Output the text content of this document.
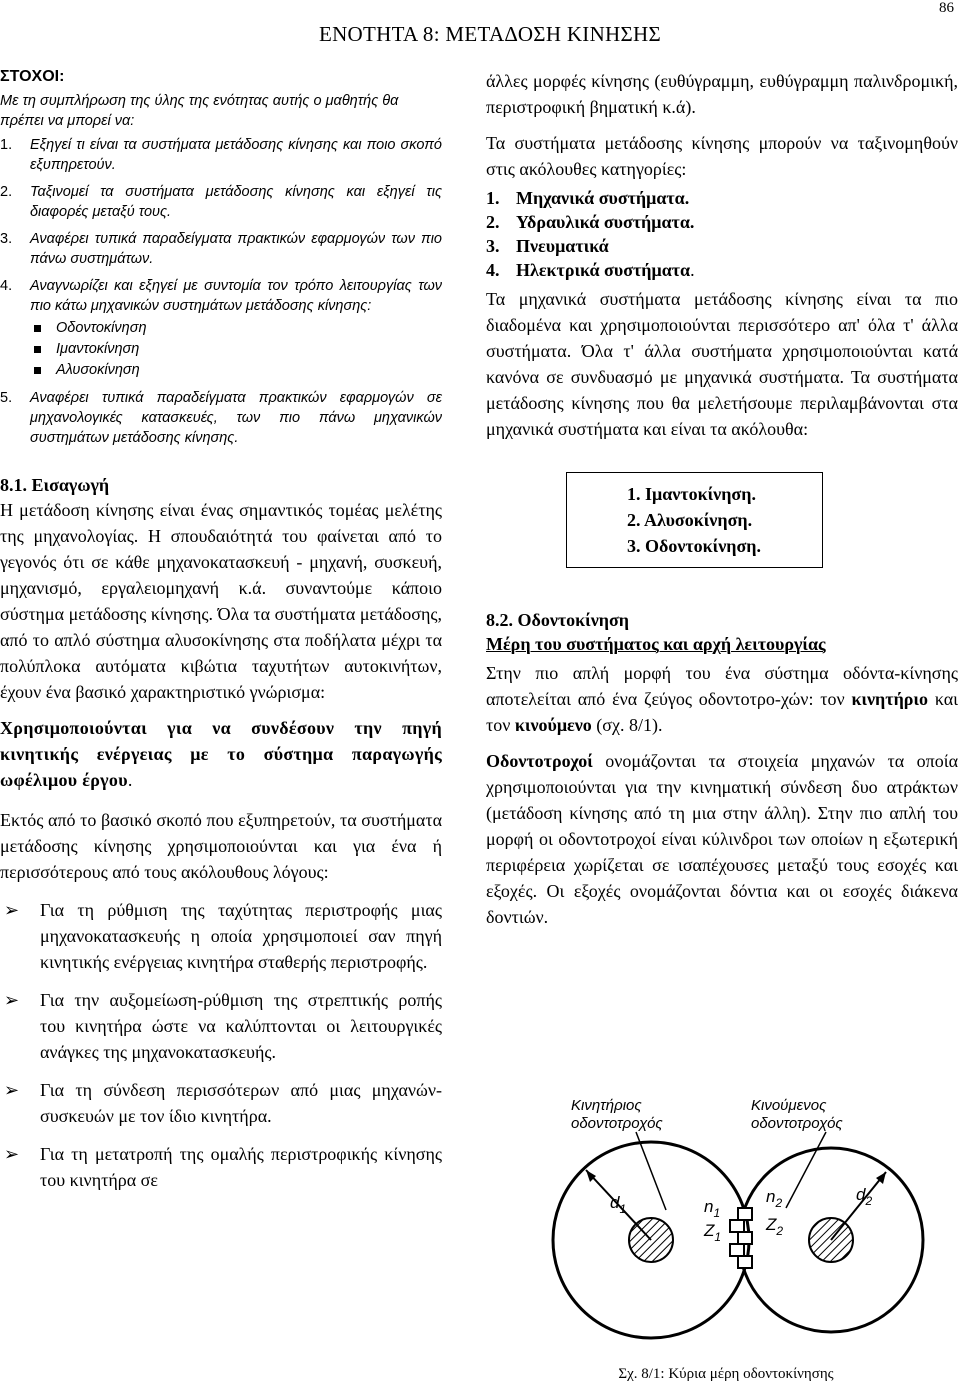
86
ΕΝΟΤΗΤΑ 8: ΜΕΤΑΔΟΣΗ ΚΙΝΗΣΗΣ
ΣΤΟΧΟΙ:
Με τη συμπλήρωση της ύλης της ενότητας αυτής ο μαθητής θα πρέπει να μπορεί να:
1. Εξηγεί τι είναι τα συστήματα μετάδοσης κίνησης και ποιο σκοπό εξυπηρετούν.
2. Ταξινομεί τα συστήματα μετάδοσης κίνησης και εξηγεί τις διαφορές μεταξύ τους.
3. Αναφέρει τυπικά παραδείγματα πρακτικών εφαρμογών των πιο πάνω συστημάτων.
4. Αναγνωρίζει και εξηγεί με συντομία τον τρόπο λειτουργίας των πιο κάτω μηχανικών συστημάτων μετάδοσης κίνησης:
Οδοντοκίνηση
Ιμαντοκίνηση
Αλυσοκίνηση
5. Αναφέρει τυπικά παραδείγματα πρακτικών εφαρμογών σε μηχανολογικές κατασκευές, των πιο πάνω μηχανικών συστημάτων μετάδοσης κίνησης.
8.1. Εισαγωγή

Η μετάδοση κίνησης είναι ένας σημαντικός τομέας μελέτης της μηχανολογίας. Η σπουδαιότητά του φαίνεται από το γεγονός ότι σε κάθε μηχανοκατασκευή - μηχανή, συσκευή, μηχανισμό, εργαλειομηχανή κ.ά. συναντούμε κάποιο σύστημα μετάδοσης κίνησης. Όλα τα συστήματα μετάδοσης, από το απλό σύστημα αλυσοκίνησης στα ποδήλατα μέχρι τα πολύπλοκα αυτόματα κιβώτια ταχυτήτων αυτοκινήτων, έχουν ένα βασικό χαρακτηριστικό γνώρισμα:

Χρησιμοποιούνται για να συνδέσουν την πηγή κινητικής ενέργειας με το σύστημα παραγωγής ωφέλιμου έργου.

Εκτός από το βασικό σκοπό που εξυπηρετούν, τα συστήματα μετάδοσης κίνησης χρησιμοποιούνται και για ένα ή περισσότερους από τους ακόλουθους λόγους:

➢ Για τη ρύθμιση της ταχύτητας περιστροφής μιας μηχανοκατασκευής η οποία χρησιμοποιεί σαν πηγή κινητικής ενέργειας κινητήρα σταθερής περιστροφής.
➢ Για την αυξομείωση-ρύθμιση της στρεπτικής ροπής του κινητήρα ώστε να καλύπτονται οι λειτουργικές ανάγκες της μηχανοκατασκευής.
➢ Για τη σύνδεση περισσότερων από μιας μηχανών-συσκευών με τον ίδιο κινητήρα.
➢ Για τη μετατροπή της ομαλής περιστροφικής κίνησης του κινητήρα σε

άλλες μορφές κίνησης (ευθύγραμμη, ευθύγραμμη παλινδρομική, περιστροφική βηματική κ.ά).

Τα συστήματα μετάδοσης κίνησης μπορούν να ταξινομηθούν στις ακόλουθες κατηγορίες:

1. Μηχανικά συστήματα.
2. Υδραυλικά συστήματα.
3. Πνευματικά
4. Ηλεκτρικά συστήματα.

Τα μηχανικά συστήματα μετάδοσης κίνησης είναι τα πιο διαδομένα και χρησιμοποιούνται περισσότερο απ' όλα τ' άλλα συστήματα. Όλα τ' άλλα συστήματα χρησιμοποιούνται κατά κανόνα σε συνδυασμό με μηχανικά συστήματα. Τα συστήματα μετάδοσης κίνησης που θα μελετήσουμε περιλαμβάνονται στα μηχανικά συστήματα και είναι τα ακόλουθα:

1. Ιμαντοκίνηση.
2. Αλυσοκίνηση.
3. Οδοντοκίνηση.
8.2. Οδοντοκίνηση
Μέρη του συστήματος και αρχή λειτουργίας

Στην πιο απλή μορφή του ένα σύστημα οδόντα-κίνησης αποτελείται από ένα ζεύγος οδοντοτρο-χών: τον κινητήριο και τον κινούμενο (σχ. 8/1).

Οδοντοτροχοί ονομάζονται τα στοιχεία μηχανών τα οποία χρησιμοποιούνται για την κινηματική σύνδεση δυο ατράκτων (μετάδοση κίνησης από τη μια στην άλλη). Στην πιο απλή του μορφή οι οδοντοτροχοί είναι κύλινδροι των οποίων η εξωτερική περιφέρεια χωρίζεται σε ισαπέχουσες μεταξύ τους εσοχές και εξοχές. Οι εξοχές ονομάζονται δόντια και οι εσοχές διάκενα δοντιών.

Κινητήριος
οδοντοτροχός
Κινούμενος
οδοντοτροχός
$d_1$	$n_1$
$Z_1$
$n_2$
$Z_2$
$d_2$
Σχ. 8/1: Κύρια μέρη οδοντοκίνησης
